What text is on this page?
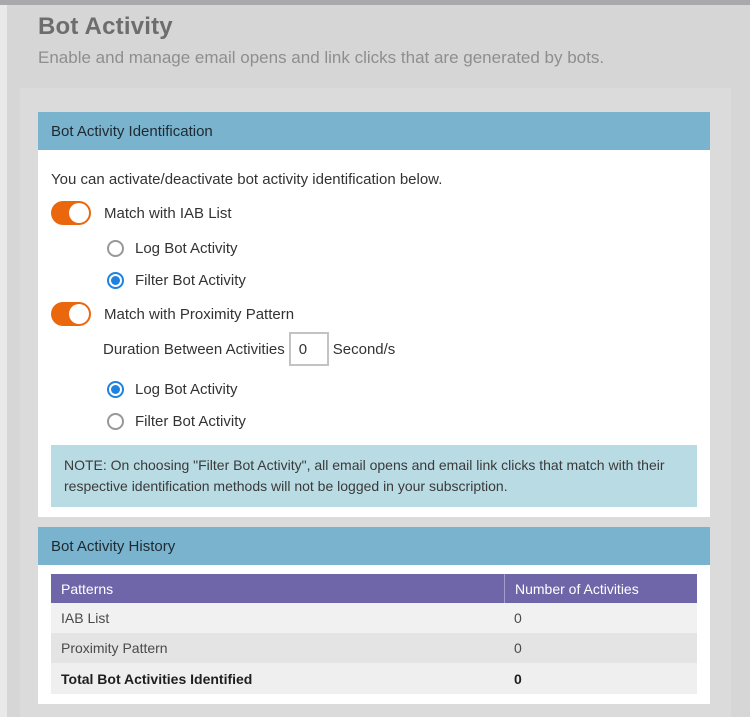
Bot Activity

Enable and manage email opens and link clicks that are generated by bots.

Bot Activity Identification

You can activate/deactivate bot activity identification below.

Match with IAB List
Log Bot Activity
Filter Bot Activity
Match with Proximity Pattern
Duration Between Activities
0	Second/s
Log Bot Activity
Filter Bot Activity
NOTE: On choosing "Filter Bot Activity", all email opens and email link clicks that match with their respective identification methods will not be logged in your subscription.
Bot Activity History
Patterns	Number of Activities
IAB List	0
Proximity Pattern	0
Total Bot Activities Identified	0
